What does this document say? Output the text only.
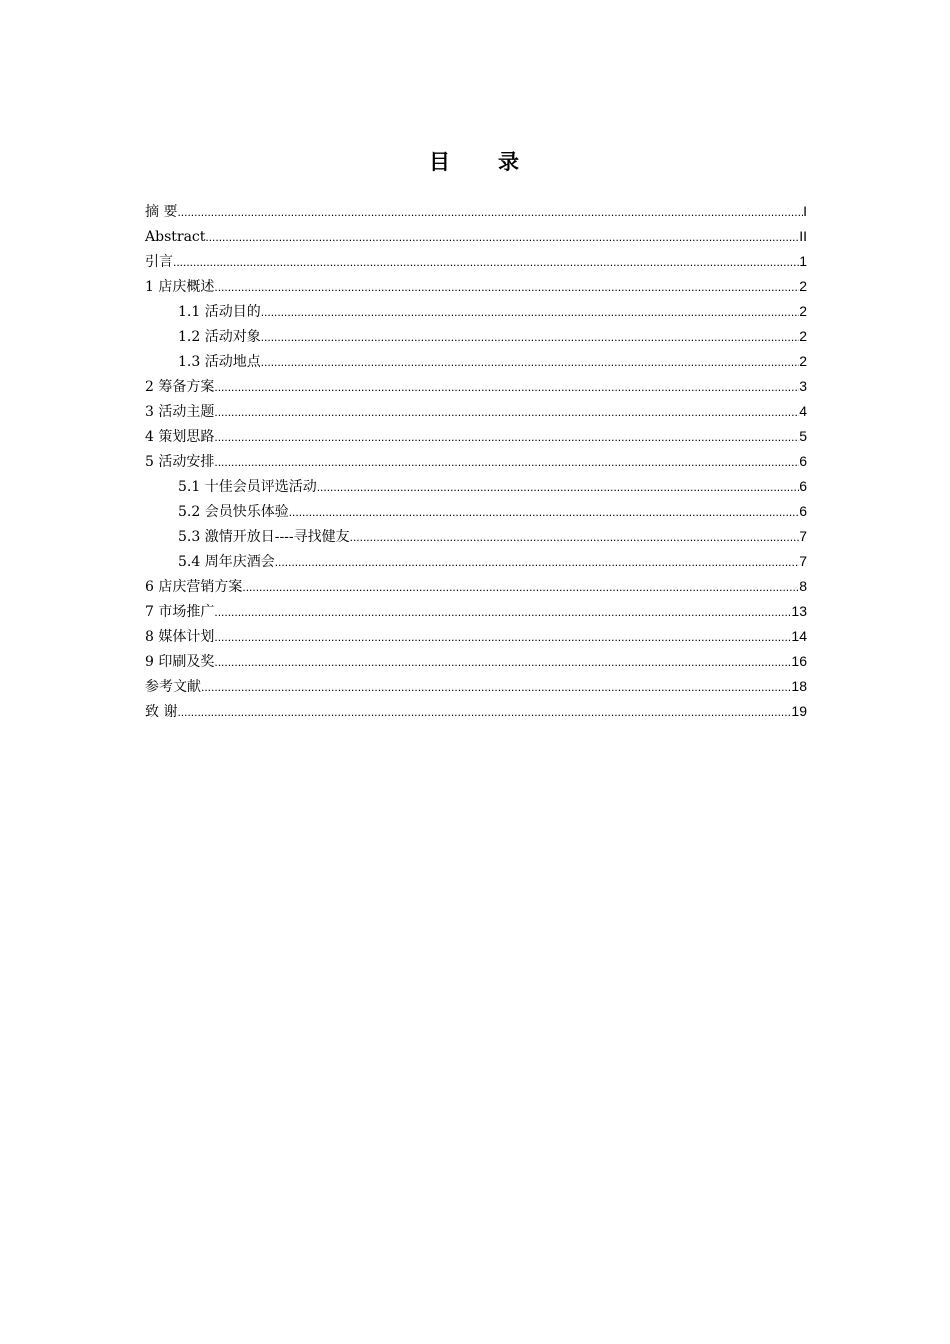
目　　录
摘 要 .....	I
Abstract .....	II
引言 .....	1
1 店庆概述 .....	2
1.1 活动目的 .....	2
1.2 活动对象 .....	2
1.3 活动地点 .....	2
2 筹备方案 .....	3
3 活动主题 .....	4
4 策划思路 .....	5
5 活动安排 .....	6
5.1 十佳会员评选活动 .....	6
5.2 会员快乐体验 .....	6
5.3 激情开放日----寻找健友 .....	7
5.4 周年庆酒会 .....	7
6 店庆营销方案 .....	8
7 市场推广 .....	13
8 媒体计划 .....	14
9 印刷及奖 .....	16
参考文献 .....	18
致 谢 .....	19
